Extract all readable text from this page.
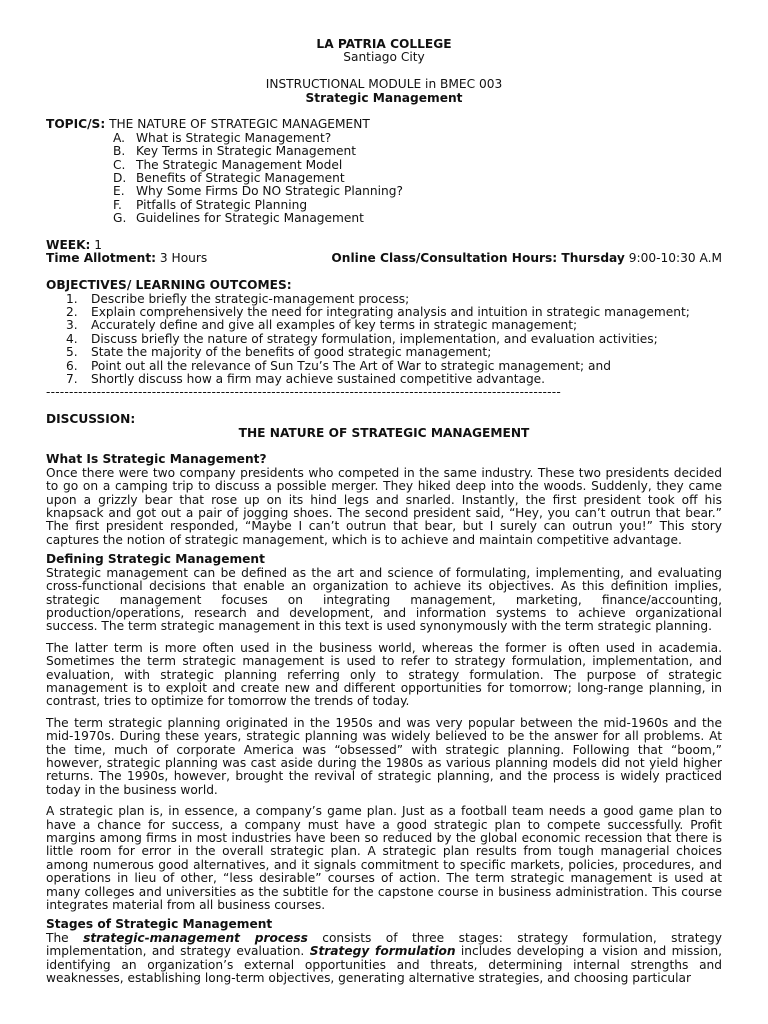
LA PATRIA COLLEGE
Santiago City
INSTRUCTIONAL MODULE in BMEC 003
Strategic Management
TOPIC/S:
THE NATURE OF STRATEGIC MANAGEMENT
A. What is Strategic Management?
B. Key Terms in Strategic Management
C. The Strategic Management Model
D. Benefits of Strategic Management
E. Why Some Firms Do NO Strategic Planning?
F.	Pitfalls of Strategic Planning
G. Guidelines for Strategic Management
WEEK: 1
Time Allotment: 3 Hours	Online Class/Consultation Hours: Thursday 9:00-10:30 A.M
OBJECTIVES/ LEARNING OUTCOMES:
1.	Describe briefly the strategic-management process;
2.	Explain comprehensively the need for integrating analysis and intuition in strategic management;
3.	Accurately define and give all examples of key terms in strategic management;
4.	Discuss briefly the nature of strategy formulation, implementation, and evaluation activities;
5.	State the majority of the benefits of good strategic management;
6.	Point out all the relevance of Sun Tzu’s The Art of War to strategic management; and
7.	Shortly discuss how a firm may achieve sustained competitive advantage.
----------------------------------------------------------------------------------------------------------------
DISCUSSION:
THE NATURE OF STRATEGIC MANAGEMENT
What Is Strategic Management?

Once there were two company presidents who competed in the same industry. These two presidents decided to go on a camping trip to discuss a possible merger. They hiked deep into the woods. Suddenly, they came upon a grizzly bear that rose up on its hind legs and snarled. Instantly, the first president took off his knapsack and got out a pair of jogging shoes. The second president said, “Hey, you can’t outrun that bear.” The first president responded, “Maybe I can’t outrun that bear, but I surely can outrun you!” This story captures the notion of strategic management, which is to achieve and maintain competitive advantage.

Defining Strategic Management

Strategic management can be defined as the art and science of formulating, implementing, and evaluating cross-functional decisions that enable an organization to achieve its objectives. As this definition implies, strategic management focuses on integrating management, marketing, finance/accounting, production/operations, research and development, and information systems to achieve organizational success. The term strategic management in this text is used synonymously with the term strategic planning.

The latter term is more often used in the business world, whereas the former is often used in academia. Sometimes the term strategic management is used to refer to strategy formulation, implementation, and evaluation, with strategic planning referring only to strategy formulation. The purpose of strategic management is to exploit and create new and different opportunities for tomorrow; long-range planning, in contrast, tries to optimize for tomorrow the trends of today.

The term strategic planning originated in the 1950s and was very popular between the mid-1960s and the mid-1970s. During these years, strategic planning was widely believed to be the answer for all problems. At the time, much of corporate America was “obsessed” with strategic planning. Following that “boom,” however, strategic planning was cast aside during the 1980s as various planning models did not yield higher returns. The 1990s, however, brought the revival of strategic planning, and the process is widely practiced today in the business world.

A strategic plan is, in essence, a company’s game plan. Just as a football team needs a good game plan to have a chance for success, a company must have a good strategic plan to compete successfully. Profit margins among firms in most industries have been so reduced by the global economic recession that there is little room for error in the overall strategic plan. A strategic plan results from tough managerial choices among numerous good alternatives, and it signals commitment to specific markets, policies, procedures, and operations in lieu of other, “less desirable” courses of action. The term strategic management is used at many colleges and universities as the subtitle for the capstone course in business administration. This course integrates material from all business courses.

Stages of Strategic Management

The strategic-management process consists of three stages: strategy formulation, strategy implementation, and strategy evaluation. Strategy formulation includes developing a vision and mission, identifying an organization’s external opportunities and threats, determining internal strengths and weaknesses, establishing long-term objectives, generating alternative strategies, and choosing particular
